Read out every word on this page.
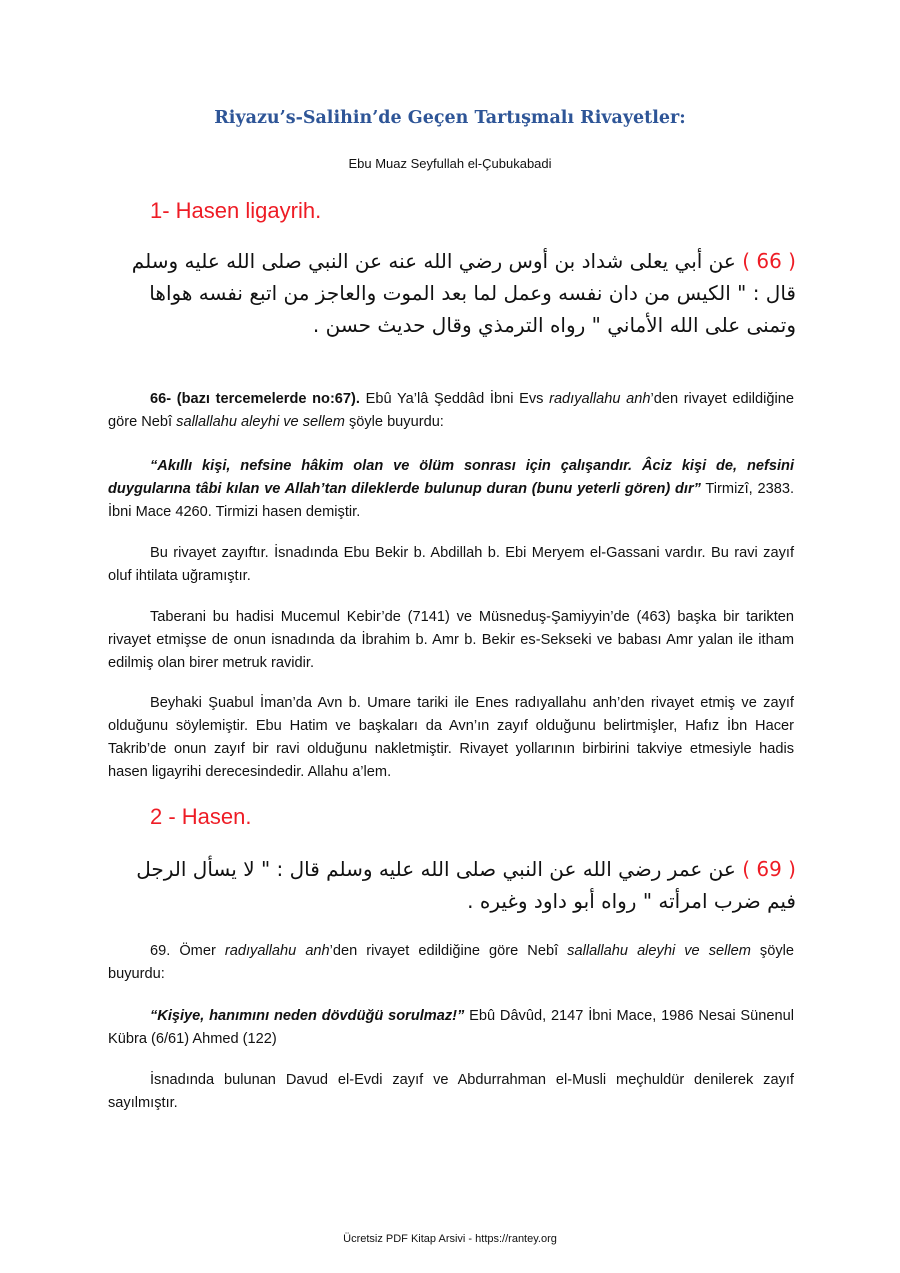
Riyazu’s-Salihin’de Geçen Tartışmalı Rivayetler:
Ebu Muaz Seyfullah el-Çubukabadi
1- Hasen ligayrih.
( 66 ) عن أبي يعلى شداد بن أوس رضي الله عنه عن النبي صلى الله عليه وسلم قال : " الكيس من دان نفسه وعمل لما بعد الموت والعاجز من اتبع نفسه هواها وتمنى على الله الأماني " رواه الترمذي وقال حديث حسن .
66- (bazı tercemelerde no:67). Ebû Ya’lâ Şeddâd İbni Evs radıyallahu anh’den rivayet edildiğine göre Nebî sallallahu aleyhi ve sellem şöyle buyurdu:
“Akıllı kişi, nefsine hâkim olan ve ölüm sonrası için çalışandır. Âciz kişi de, nefsini duygularına tâbi kılan ve Allah’tan dileklerde bulunup duran (bunu yeterli gören) dır” Tirmizî, 2383. İbni Mace 4260. Tirmizi hasen demiştir.
Bu rivayet zayıftır. İsnadında Ebu Bekir b. Abdillah b. Ebi Meryem el-Gassani vardır. Bu ravi zayıf oluf ihtilata uğramıştır.
Taberani bu hadisi Mucemul Kebir’de (7141) ve Müsneduş-Şamiyyin’de (463) başka bir tarikten rivayet etmişse de onun isnadında da İbrahim b. Amr b. Bekir es-Sekseki ve babası Amr yalan ile itham edilmiş olan birer metruk ravidir.
Beyhaki Şuabul İman’da Avn b. Umare tariki ile Enes radıyallahu anh’den rivayet etmiş ve zayıf olduğunu söylemiştir. Ebu Hatim ve başkaları da Avn’ın zayıf olduğunu belirtmişler, Hafız İbn Hacer Takrib’de onun zayıf bir ravi olduğunu nakletmiştir. Rivayet yollarının birbirini takviye etmesiyle hadis hasen ligayrihi derecesindedir. Allahu a’lem.
2 - Hasen.
( 69 ) عن عمر رضي الله عن النبي صلى الله عليه وسلم قال : " لا يسأل الرجل فيم ضرب امرأته " رواه أبو داود وغيره .
69. Ömer radıyallahu anh’den rivayet edildiğine göre Nebî sallallahu aleyhi ve sellem şöyle buyurdu:
“Kişiye, hanımını neden dövdüğü sorulmaz!” Ebû Dâvûd, 2147 İbni Mace, 1986 Nesai Sünenul Kübra (6/61) Ahmed (122)
İsnadında bulunan Davud el-Evdi zayıf ve Abdurrahman el-Musli meçhuldür denilerek zayıf sayılmıştır.
Ücretsiz PDF Kitap Arsivi - https://rantey.org
